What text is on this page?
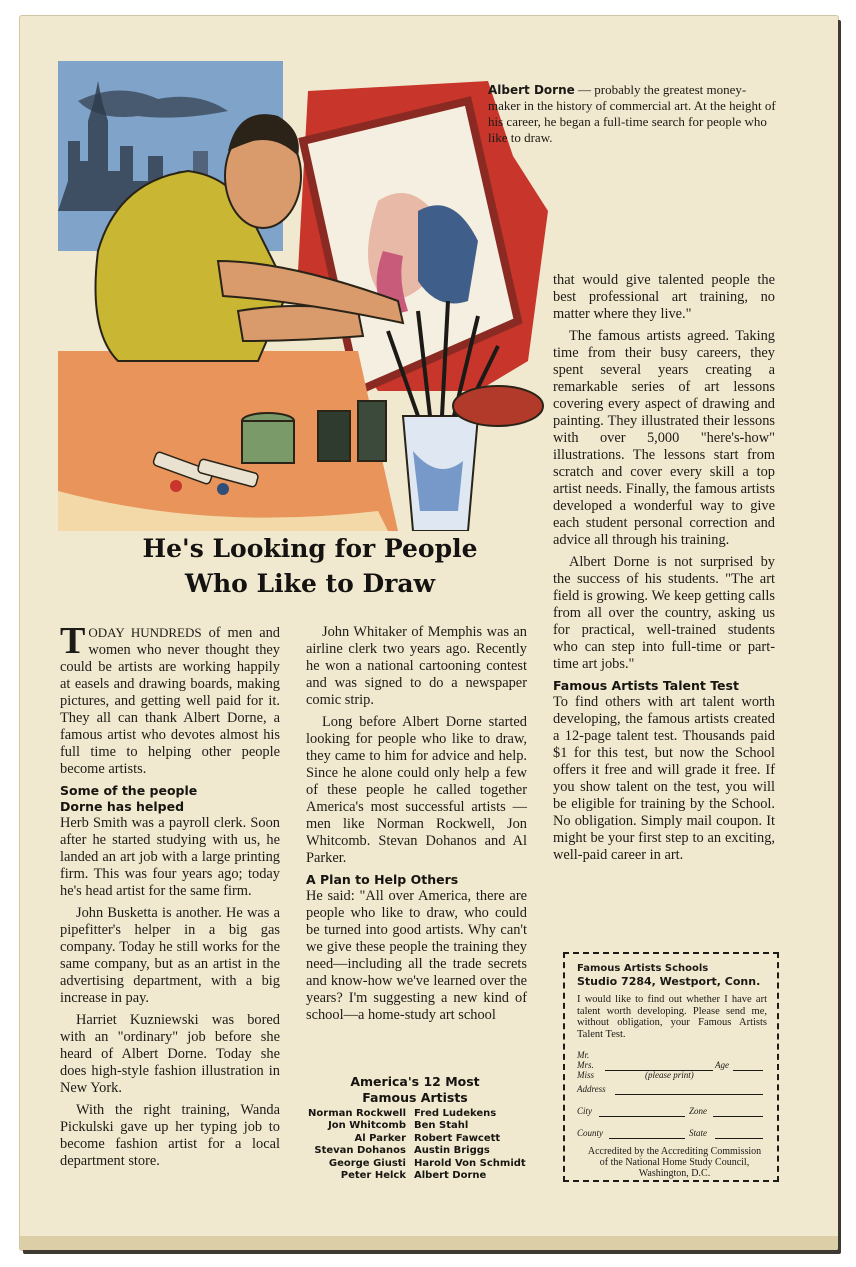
Albert Dorne — probably the greatest money-maker in the history of commercial art. At the height of his career, he began a full-time search for people who like to draw.
He's Looking for People
Who Like to Draw

TODAY HUNDREDS of men and women who never thought they could be artists are working happily at easels and drawing boards, making pictures, and getting well paid for it. They all can thank Albert Dorne, a famous artist who devotes almost his full time to helping other people become artists.

Some of the people
Dorne has helped

Herb Smith was a payroll clerk. Soon after he started studying with us, he landed an art job with a large printing firm. This was four years ago; today he's head artist for the same firm.

John Busketta is another. He was a pipefitter's helper in a big gas company. Today he still works for the same company, but as an artist in the advertising department, with a big increase in pay.

Harriet Kuzniewski was bored with an "ordinary" job before she heard of Albert Dorne. Today she does high-style fashion illustration in New York.

With the right training, Wanda Pickulski gave up her typing job to become fashion artist for a local department store.

John Whitaker of Memphis was an airline clerk two years ago. Recently he won a national cartooning contest and was signed to do a newspaper comic strip.

Long before Albert Dorne started looking for people who like to draw, they came to him for advice and help. Since he alone could only help a few of these people he called together America's most successful artists —men like Norman Rockwell, Jon Whitcomb. Stevan Dohanos and Al Parker.

A Plan to Help Others

He said: "All over America, there are people who like to draw, who could be turned into good artists. Why can't we give these people the training they need—including all the trade secrets and know-how we've learned over the years? I'm suggesting a new kind of school—a home-study art school

America's 12 Most
Famous Artists
Norman Rockwell
Jon Whitcomb
Al Parker
Stevan Dohanos
George Giusti
Peter Helck
Fred Ludekens
Ben Stahl
Robert Fawcett
Austin Briggs
Harold Von Schmidt
Albert Dorne

that would give talented people the best professional art training, no matter where they live."

The famous artists agreed. Taking time from their busy careers, they spent several years creating a remarkable series of art lessons covering every aspect of drawing and painting. They illustrated their lessons with over 5,000 "here's-how" illustrations. The lessons start from scratch and cover every skill a top artist needs. Finally, the famous artists developed a wonderful way to give each student personal correction and advice all through his training.

Albert Dorne is not surprised by the success of his students. "The art field is growing. We keep getting calls from all over the country, asking us for practical, well-trained students who can step into full-time or part-time art jobs."

Famous Artists Talent Test

To find others with art talent worth developing, the famous artists created a 12-page talent test. Thousands paid $1 for this test, but now the School offers it free and will grade it free. If you show talent on the test, you will be eligible for training by the School. No obligation. Simply mail coupon. It might be your first step to an exciting, well-paid career in art.

Famous Artists Schools
Studio 7284, Westport, Conn.
I would like to find out whether I have art talent worth developing. Please send me, without obligation, your Famous Artists Talent Test.
Mr.
Mrs.
Miss	(please print)
Age
Address
City	Zone
County	State
Accredited by the Accrediting Commission of the National Home Study Council, Washington, D.C.
